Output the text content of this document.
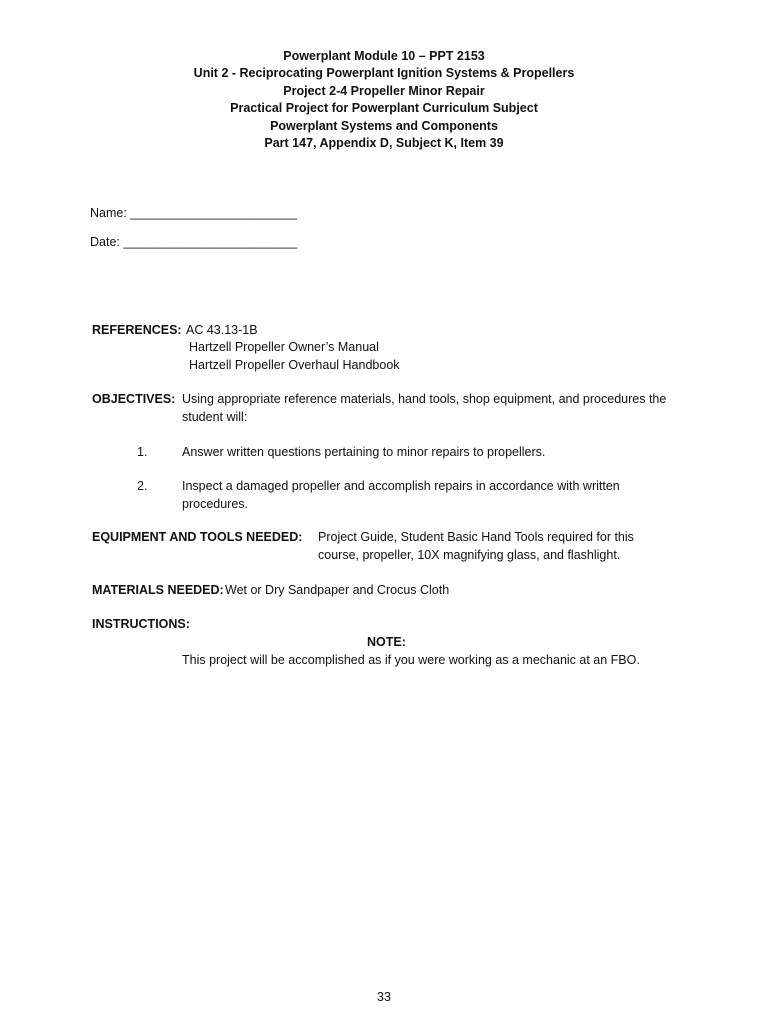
Powerplant Module 10 – PPT 2153
Unit 2 - Reciprocating Powerplant Ignition Systems & Propellers
Project 2-4 Propeller Minor Repair
Practical Project for Powerplant Curriculum Subject
Powerplant Systems and Components
Part 147, Appendix D, Subject K, Item 39
Name: ________________________
Date: _________________________
REFERENCES: AC 43.13-1B
Hartzell Propeller Owner’s Manual
Hartzell Propeller Overhaul Handbook
OBJECTIVES: Using appropriate reference materials, hand tools, shop equipment, and procedures the
student will:
1.	Answer written questions pertaining to minor repairs to propellers.
2.	Inspect a damaged propeller and accomplish repairs in accordance with written
procedures.
EQUIPMENT AND TOOLS NEEDED: Project Guide, Student Basic Hand Tools required for this
course, propeller, 10X magnifying glass, and flashlight.
MATERIALS NEEDED: Wet or Dry Sandpaper and Crocus Cloth
INSTRUCTIONS:
NOTE:
This project will be accomplished as if you were working as a mechanic at an FBO.
33
